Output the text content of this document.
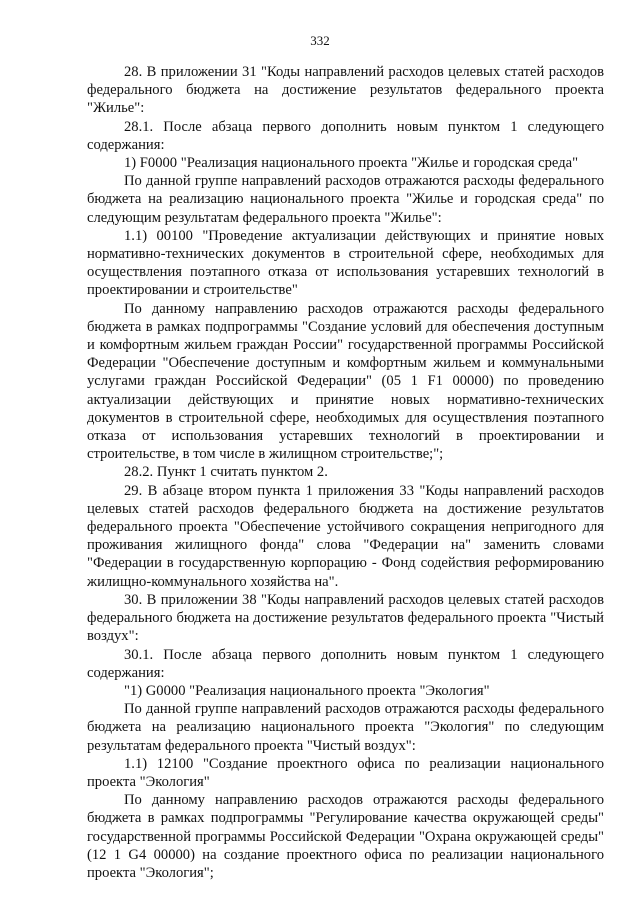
332

28. В приложении 31 "Коды направлений расходов целевых статей расходов федерального бюджета на достижение результатов федерального проекта "Жилье":

28.1. После абзаца первого дополнить новым пунктом 1 следующего содержания:

1) F0000 "Реализация национального проекта "Жилье и городская среда"

По данной группе направлений расходов отражаются расходы федерального бюджета на реализацию национального проекта "Жилье и городская среда" по следующим результатам федерального проекта "Жилье":

1.1) 00100 "Проведение актуализации действующих и принятие новых нормативно-технических документов в строительной сфере, необходимых для осуществления поэтапного отказа от использования устаревших технологий в проектировании и строительстве"

По данному направлению расходов отражаются расходы федерального бюджета в рамках подпрограммы "Создание условий для обеспечения доступным и комфортным жильем граждан России" государственной программы Российской Федерации "Обеспечение доступным и комфортным жильем и коммунальными услугами граждан Российской Федерации" (05 1 F1 00000) по проведению актуализации действующих и принятие новых нормативно-технических документов в строительной сфере, необходимых для осуществления поэтапного отказа от использования устаревших технологий в проектировании и строительстве, в том числе в жилищном строительстве;";

28.2. Пункт 1 считать пунктом 2.

29. В абзаце втором пункта 1 приложения 33 "Коды направлений расходов целевых статей расходов федерального бюджета на достижение результатов федерального проекта "Обеспечение устойчивого сокращения непригодного для проживания жилищного фонда" слова "Федерации на" заменить словами "Федерации в государственную корпорацию - Фонд содействия реформированию жилищно-коммунального хозяйства на".

30. В приложении 38 "Коды направлений расходов целевых статей расходов федерального бюджета на достижение результатов федерального проекта "Чистый воздух":

30.1. После абзаца первого дополнить новым пунктом 1 следующего содержания:

"1) G0000 "Реализация национального проекта "Экология"

По данной группе направлений расходов отражаются расходы федерального бюджета на реализацию национального проекта "Экология" по следующим результатам федерального проекта "Чистый воздух":

1.1) 12100 "Создание проектного офиса по реализации национального проекта "Экология"

По данному направлению расходов отражаются расходы федерального бюджета в рамках подпрограммы "Регулирование качества окружающей среды" государственной программы Российской Федерации "Охрана окружающей среды" (12 1 G4 00000) на создание проектного офиса по реализации национального проекта "Экология";
